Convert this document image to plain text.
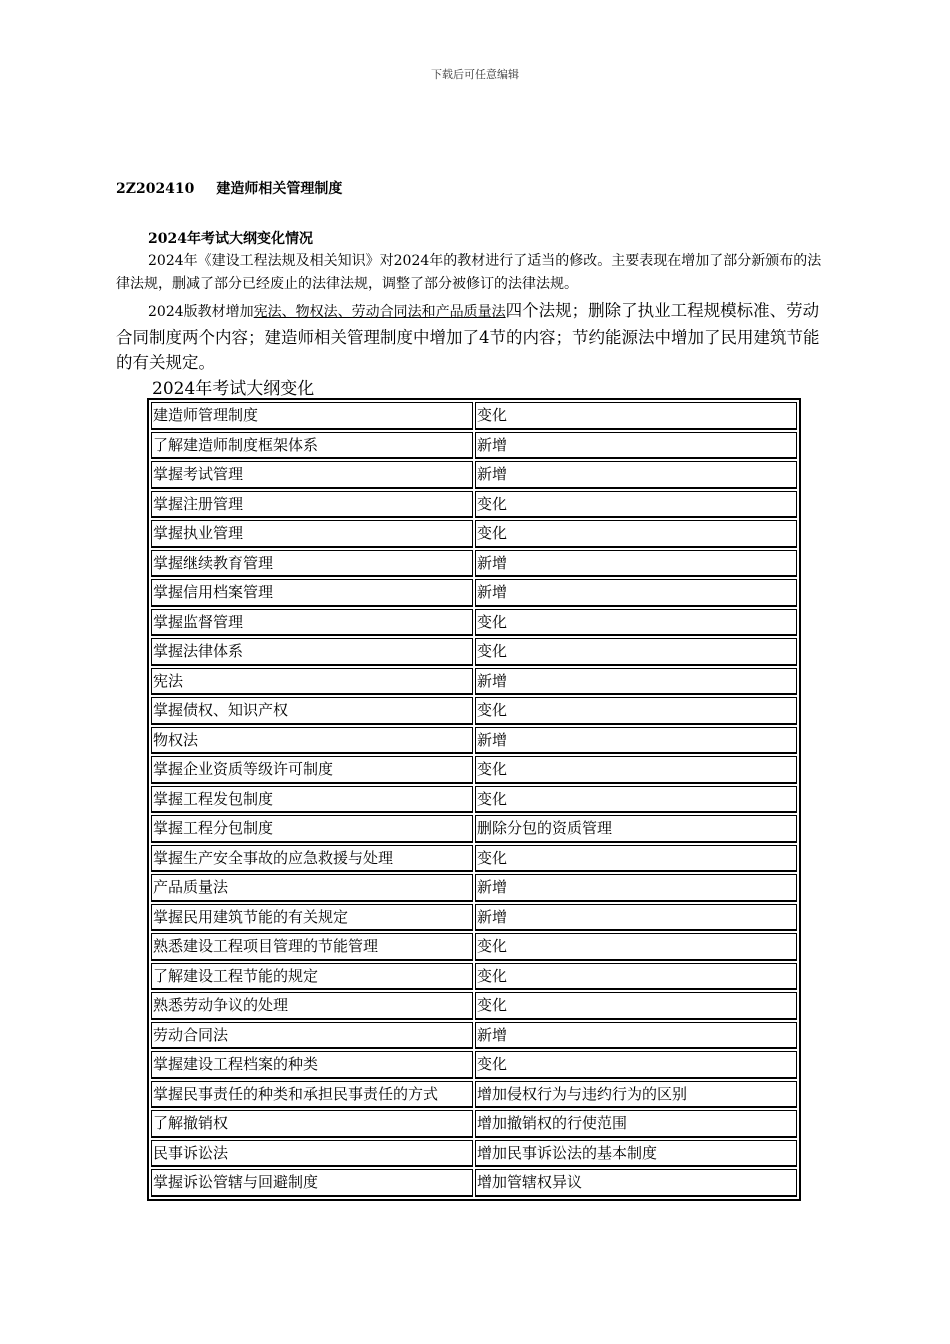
下载后可任意编辑
2Z202410 建造师相关管理制度
2024年考试大纲变化情况
2024年《建设工程法规及相关知识》对2024年的教材进行了适当的修改。主要表现在增加了部分新颁布的法律法规，删减了部分已经废止的法律法规，调整了部分被修订的法律法规。
2024版教材增加宪法、物权法、劳动合同法和产品质量法四个法规；删除了执业工程规模标准、劳动合同制度两个内容；建造师相关管理制度中增加了4节的内容；节约能源法中增加了民用建筑节能的有关规定。
2024年考试大纲变化
建造师管理制度	变化
了解建造师制度框架体系	新增
掌握考试管理	新增
掌握注册管理	变化
掌握执业管理	变化
掌握继续教育管理	新增
掌握信用档案管理	新增
掌握监督管理	变化
掌握法律体系	变化
宪法	新增
掌握债权、知识产权	变化
物权法	新增
掌握企业资质等级许可制度	变化
掌握工程发包制度	变化
掌握工程分包制度	删除分包的资质管理
掌握生产安全事故的应急救援与处理	变化
产品质量法	新增
掌握民用建筑节能的有关规定	新增
熟悉建设工程项目管理的节能管理	变化
了解建设工程节能的规定	变化
熟悉劳动争议的处理	变化
劳动合同法	新增
掌握建设工程档案的种类	变化
掌握民事责任的种类和承担民事责任的方式	增加侵权行为与违约行为的区别
了解撤销权	增加撤销权的行使范围
民事诉讼法	增加民事诉讼法的基本制度
掌握诉讼管辖与回避制度	增加管辖权异议
